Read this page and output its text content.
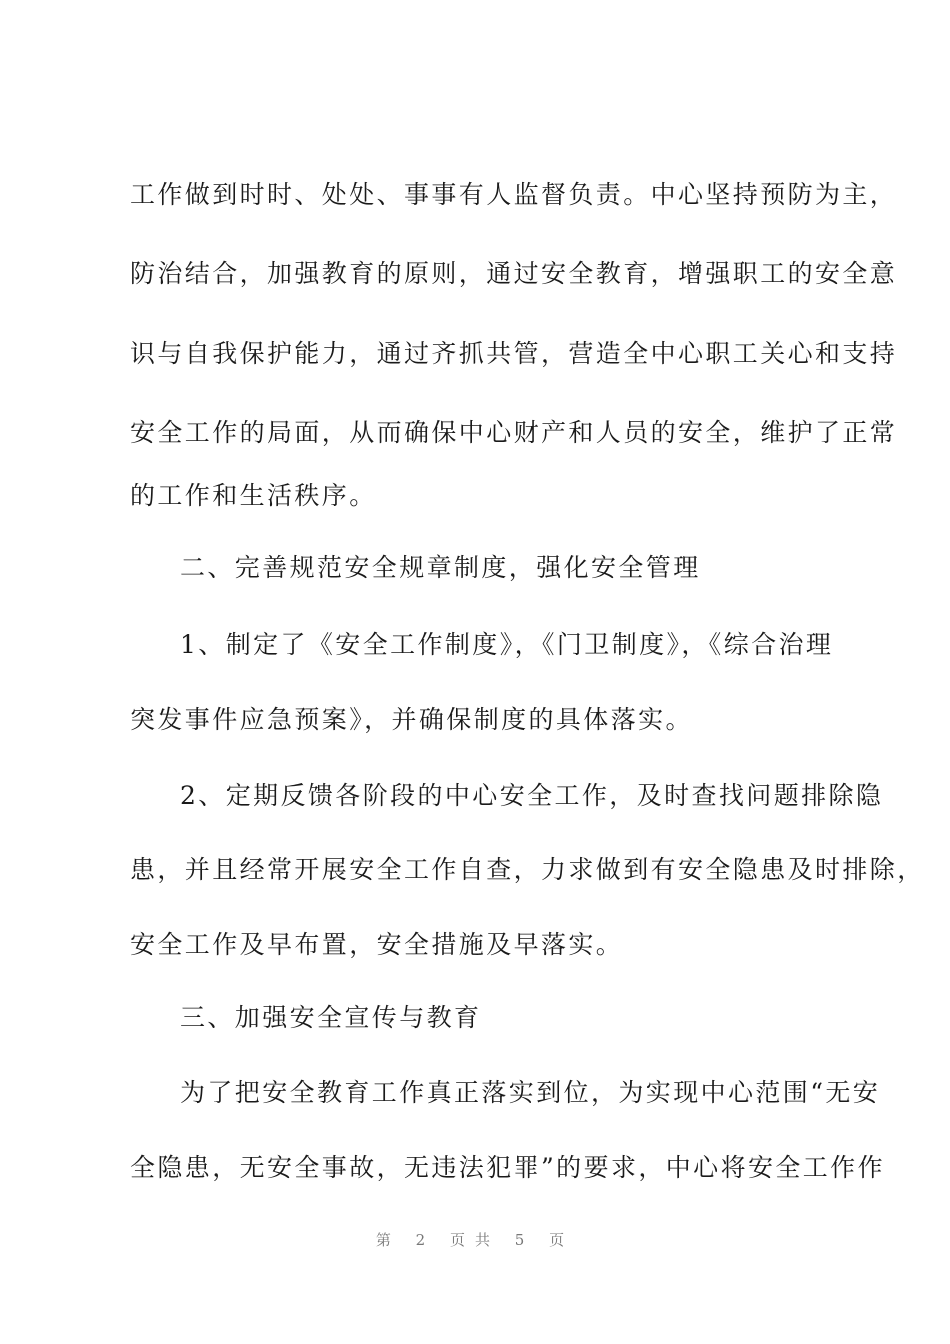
工作做到时时、处处、事事有人监督负责。中心坚持预防为主，
防治结合，加强教育的原则，通过安全教育，增强职工的安全意
识与自我保护能力，通过齐抓共管，营造全中心职工关心和支持
安全工作的局面，从而确保中心财产和人员的安全，维护了正常
的工作和生活秩序。
二、完善规范安全规章制度，强化安全管理
1、制定了《安全工作制度》，《门卫制度》，《综合治理
突发事件应急预案》，并确保制度的具体落实。
2、定期反馈各阶段的中心安全工作，及时查找问题排除隐
患，并且经常开展安全工作自查，力求做到有安全隐患及时排除，
安全工作及早布置，安全措施及早落实。
三、加强安全宣传与教育
为了把安全教育工作真正落实到位，为实现中心范围“无安
全隐患，无安全事故，无违法犯罪”的要求，中心将安全工作作
第 2 页共 5 页
